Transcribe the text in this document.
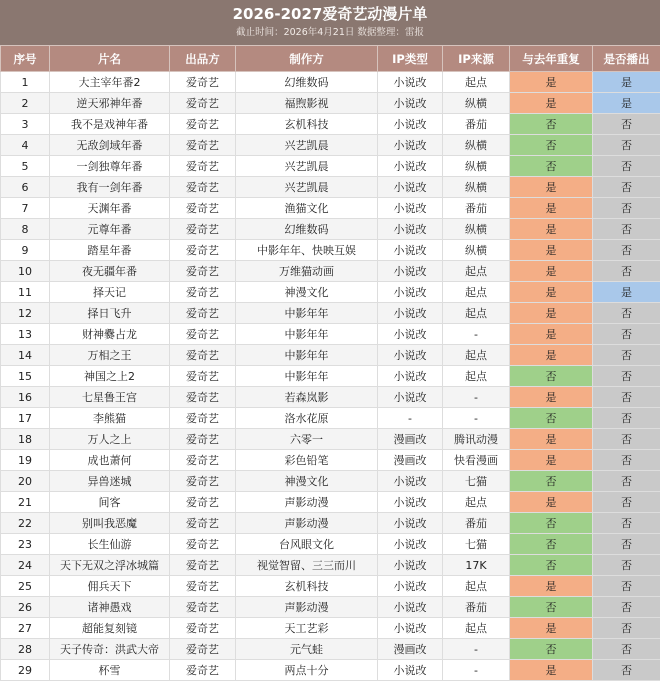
2026-2027爱奇艺动漫片单
截止时间：2026年4月21日 数据整理：雷报
序号	片名	出品方	制作方	IP类型	IP来源	与去年重复	是否播出
1	大主宰年番2	爱奇艺	幻维数码	小说改	起点	是	是
2	逆天邪神年番	爱奇艺	福煦影视	小说改	纵横	是	是
3	我不是戏神年番	爱奇艺	玄机科技	小说改	番茄	否	否
4	无敌剑域年番	爱奇艺	兴艺凯晨	小说改	纵横	否	否
5	一剑独尊年番	爱奇艺	兴艺凯晨	小说改	纵横	否	否
6	我有一剑年番	爱奇艺	兴艺凯晨	小说改	纵横	是	否
7	天渊年番	爱奇艺	渔猫文化	小说改	番茄	是	否
8	元尊年番	爱奇艺	幻维数码	小说改	纵横	是	否
9	踏星年番	爱奇艺	中影年年、快映互娱	小说改	纵横	是	否
10	夜无疆年番	爱奇艺	万维猫动画	小说改	起点	是	否
11	择天记	爱奇艺	神漫文化	小说改	起点	是	是
12	择日飞升	爱奇艺	中影年年	小说改	起点	是	否
13	财神爨占龙	爱奇艺	中影年年	小说改	-	是	否
14	万相之王	爱奇艺	中影年年	小说改	起点	是	否
15	神国之上2	爱奇艺	中影年年	小说改	起点	否	否
16	七星鲁王宫	爱奇艺	若森岚影	小说改	-	是	否
17	李熊猫	爱奇艺	洛水花原	-	-	否	否
18	万人之上	爱奇艺	六零一	漫画改	腾讯动漫	是	否
19	成也萧何	爱奇艺	彩色铅笔	漫画改	快看漫画	是	否
20	异兽迷城	爱奇艺	神漫文化	小说改	七猫	否	否
21	间客	爱奇艺	声影动漫	小说改	起点	是	否
22	别叫我恶魔	爱奇艺	声影动漫	小说改	番茄	否	否
23	长生仙游	爱奇艺	台风眼文化	小说改	七猫	否	否
24	天下无双之浮冰城篇	爱奇艺	视觉智留、三三而川	小说改	17K	否	否
25	佣兵天下	爱奇艺	玄机科技	小说改	起点	是	否
26	诸神愚戏	爱奇艺	声影动漫	小说改	番茄	否	否
27	超能复刻镜	爱奇艺	天工艺彩	小说改	起点	是	否
28	天子传奇：洪武大帝	爱奇艺	元气蛙	漫画改	-	否	否
29	杯雪	爱奇艺	两点十分	小说改	-	是	否
